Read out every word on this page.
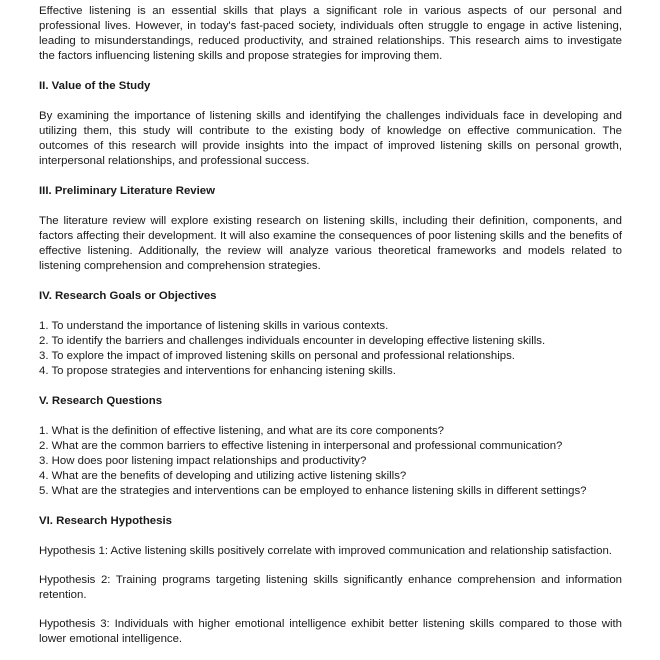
Effective listening is an essential skills that plays a significant role in various aspects of our personal and professional lives. However, in today's fast-paced society, individuals often struggle to engage in active listening, leading to misunderstandings, reduced productivity, and strained relationships. This research aims to investigate the factors influencing listening skills and propose strategies for improving them.

II. Value of the Study

By examining the importance of listening skills and identifying the challenges individuals face in developing and utilizing them, this study will contribute to the existing body of knowledge on effective communication. The outcomes of this research will provide insights into the impact of improved listening skills on personal growth, interpersonal relationships, and professional success.

III. Preliminary Literature Review

The literature review will explore existing research on listening skills, including their definition, components, and factors affecting their development. It will also examine the consequences of poor listening skills and the benefits of effective listening. Additionally, the review will analyze various theoretical frameworks and models related to listening comprehension and comprehension strategies.

IV. Research Goals or Objectives
1. To understand the importance of listening skills in various contexts.
2. To identify the barriers and challenges individuals encounter in developing effective listening skills.
3. To explore the impact of improved listening skills on personal and professional relationships.
4. To propose strategies and interventions for enhancing istening skills.
V. Research Questions
1. What is the definition of effective listening, and what are its core components?
2. What are the common barriers to effective listening in interpersonal and professional communication?
3. How does poor listening impact relationships and productivity?
4. What are the benefits of developing and utilizing active listening skills?
5. What are the strategies and interventions can be employed to enhance listening skills in different settings?
VI. Research Hypothesis

Hypothesis 1: Active listening skills positively correlate with improved communication and relationship satisfaction.

Hypothesis 2: Training programs targeting listening skills significantly enhance comprehension and information retention.

Hypothesis 3: Individuals with higher emotional intelligence exhibit better listening skills compared to those with lower emotional intelligence.
